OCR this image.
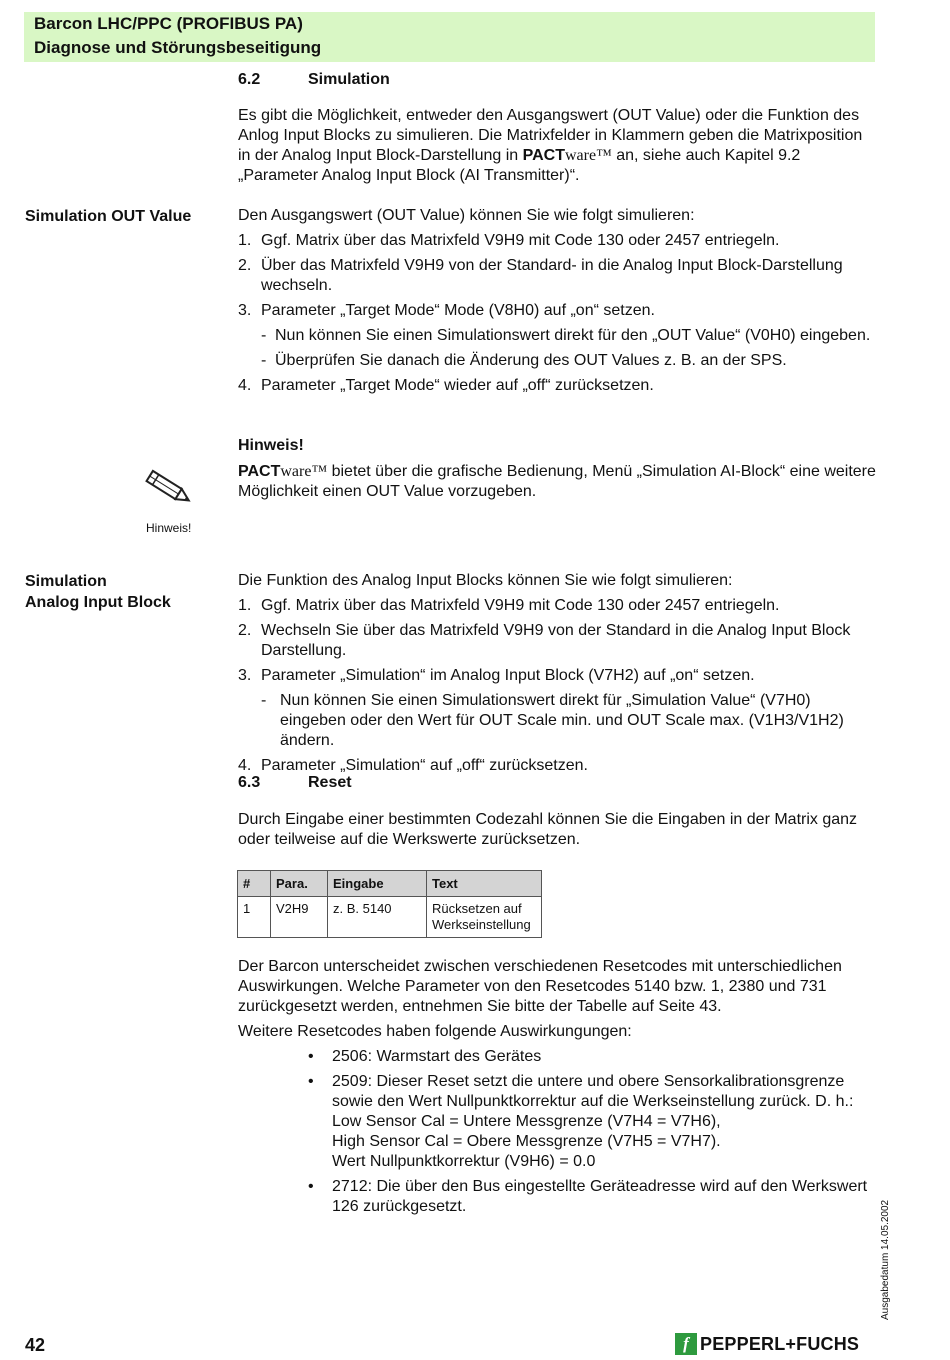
Barcon LHC/PPC (PROFIBUS PA)
Diagnose und Störungsbeseitigung
6.2	Simulation
Es gibt die Möglichkeit, entweder den Ausgangswert (OUT Value) oder die Funktion des Anlog Input Blocks zu simulieren. Die Matrixfelder in Klammern geben die Matrixposition in der Analog Input Block-Darstellung in PACTware™ an, siehe auch Kapitel 9.2 „Parameter Analog Input Block (AI Transmitter)“.
Simulation OUT Value	Den Ausgangswert (OUT Value) können Sie wie folgt simulieren:
1. Ggf. Matrix über das Matrixfeld V9H9 mit Code 130 oder 2457 entriegeln.
2. Über das Matrixfeld V9H9 von der Standard- in die Analog Input Block-Darstellung wechseln.
3. Parameter „Target Mode“ Mode (V8H0) auf „on“ setzen.
- Nun können Sie einen Simulationswert direkt für den „OUT Value“ (V0H0) eingeben.
- Überprüfen Sie danach die Änderung des OUT Values z. B. an der SPS.
4. Parameter „Target Mode“ wieder auf „off“ zurücksetzen.
Hinweis!
Hinweis!
PACTware™ bietet über die grafische Bedienung, Menü „Simulation AI-Block“ eine weitere Möglichkeit einen OUT Value vorzugeben.
Simulation
Analog Input Block
Die Funktion des Analog Input Blocks können Sie wie folgt simulieren:
1. Ggf. Matrix über das Matrixfeld V9H9 mit Code 130 oder 2457 entriegeln.
2. Wechseln Sie über das Matrixfeld V9H9 von der Standard in die Analog Input Block Darstellung.
3. Parameter „Simulation“ im Analog Input Block (V7H2) auf „on“ setzen.
- Nun können Sie einen Simulationswert direkt für „Simulation Value“ (V7H0) eingeben oder den Wert für OUT Scale min. und OUT Scale max. (V1H3/V1H2) ändern.
4. Parameter „Simulation“ auf „off“ zurücksetzen.
6.3	Reset
Durch Eingabe einer bestimmten Codezahl können Sie die Eingaben in der Matrix ganz oder teilweise auf die Werkswerte zurücksetzen.
#	Para.	Eingabe	Text
1	V2H9	z. B. 5140	Rücksetzen auf
Werkseinstellung
Der Barcon unterscheidet zwischen verschiedenen Resetcodes mit unterschiedlichen Auswirkungen. Welche Parameter von den Resetcodes 5140 bzw. 1, 2380 und 731 zurückgesetzt werden, entnehmen Sie bitte der Tabelle auf Seite 43.
Weitere Resetcodes haben folgende Auswirkungungen:
• 2506: Warmstart des Gerätes
• 2509: Dieser Reset setzt die untere und obere Sensorkalibrationsgrenze sowie den Wert Nullpunktkorrektur auf die Werkseinstellung zurück. D. h.:
Low Sensor Cal = Untere Messgrenze (V7H4 = V7H6),
High Sensor Cal = Obere Messgrenze (V7H5 = V7H7).
Wert Nullpunktkorrektur (V9H6) = 0.0
• 2712: Die über den Bus eingestellte Geräteadresse wird auf den Werkswert 126 zurückgesetzt.	Ausgabedatum 14.05.2002
42	f PEPPERL+FUCHS
